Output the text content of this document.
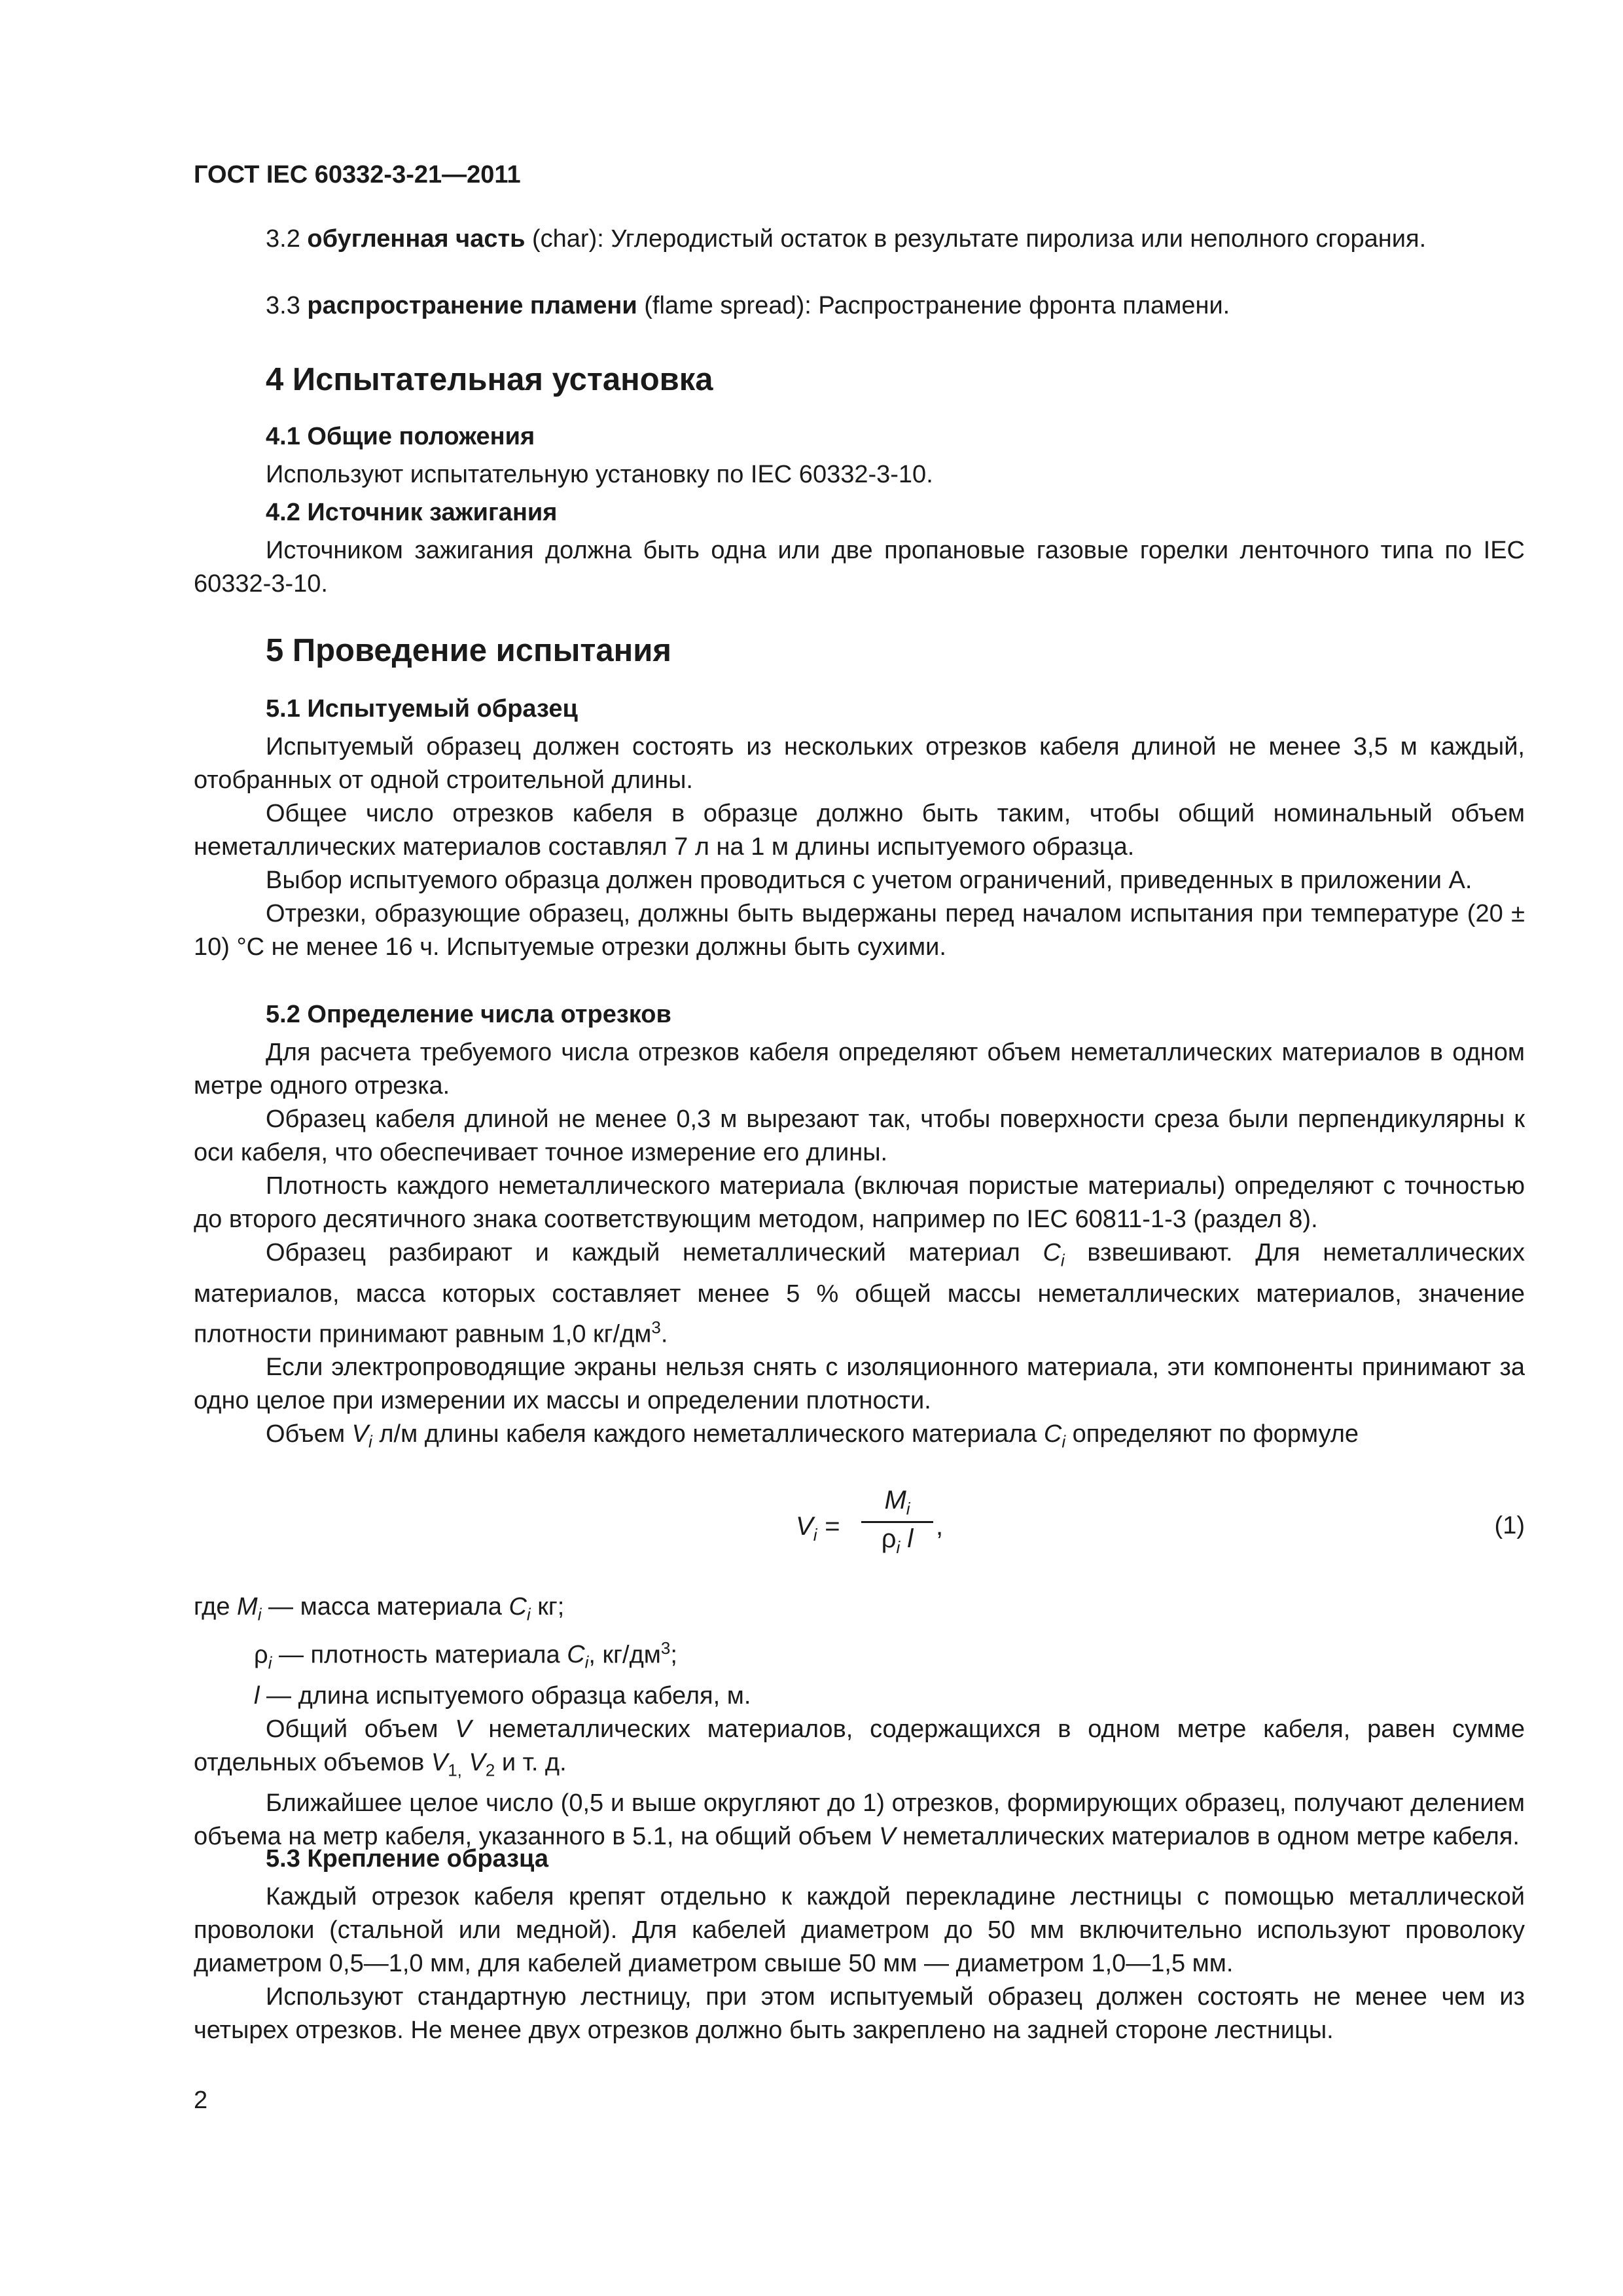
ГОСТ IEC 60332-3-21—2011

3.2 обугленная часть (char): Углеродистый остаток в результате пиролиза или неполного сгорания.

3.3 распространение пламени (flame spread): Распространение фронта пламени.

4 Испытательная установка

4.1 Общие положения

Используют испытательную установку по IEC 60332-3-10.

4.2 Источник зажигания

Источником зажигания должна быть одна или две пропановые газовые горелки ленточного типа по IEC 60332-3-10.

5 Проведение испытания

5.1 Испытуемый образец

Испытуемый образец должен состоять из нескольких отрезков кабеля длиной не менее 3,5 м каждый, отобранных от одной строительной длины.

Общее число отрезков кабеля в образце должно быть таким, чтобы общий номинальный объем неметаллических материалов составлял 7 л на 1 м длины испытуемого образца.

Выбор испытуемого образца должен проводиться с учетом ограничений, приведенных в приложении А.

Отрезки, образующие образец, должны быть выдержаны перед началом испытания при температуре (20 ± 10) °С не менее 16 ч. Испытуемые отрезки должны быть сухими.

5.2 Определение числа отрезков

Для расчета требуемого числа отрезков кабеля определяют объем неметаллических материалов в одном метре одного отрезка.

Образец кабеля длиной не менее 0,3 м вырезают так, чтобы поверхности среза были перпендикулярны к оси кабеля, что обеспечивает точное измерение его длины.

Плотность каждого неметаллического материала (включая пористые материалы) определяют с точностью до второго десятичного знака соответствующим методом, например по IEC 60811-1-3 (раздел 8).

Образец разбирают и каждый неметаллический материал $C_i$ взвешивают. Для неметаллических материалов, масса которых составляет менее 5 % общей массы неметаллических материалов, значение плотности принимают равным 1,0 $кг/дм^3$.

Если электропроводящие экраны нельзя снять с изоляционного материала, эти компоненты принимают за одно целое при измерении их массы и определении плотности.

Объем $V_i$ л/м длины кабеля каждого неметаллического материала $C_i$ определяют по формуле

$V_i$ =
$M_i$
$\rho_i$ l ,	(1)

где $M_i$ — масса материала $C_i$ кг;

$\rho_i$ — плотность материала $C_i$, $кг/дм^3$;

l — длина испытуемого образца кабеля, м.

Общий объем V неметаллических материалов, содержащихся в одном метре кабеля, равен сумме отдельных объемов $V_{1,}$ $V_2$ и т. д.

Ближайшее целое число (0,5 и выше округляют до 1) отрезков, формирующих образец, получают делением объема на метр кабеля, указанного в 5.1, на общий объем V неметаллических материалов в одном метре кабеля.

5.3 Крепление образца

Каждый отрезок кабеля крепят отдельно к каждой перекладине лестницы с помощью металлической проволоки (стальной или медной). Для кабелей диаметром до 50 мм включительно используют проволоку диаметром 0,5—1,0 мм, для кабелей диаметром свыше 50 мм — диаметром 1,0—1,5 мм.

Используют стандартную лестницу, при этом испытуемый образец должен состоять не менее чем из четырех отрезков. Не менее двух отрезков должно быть закреплено на задней стороне лестницы.

2
